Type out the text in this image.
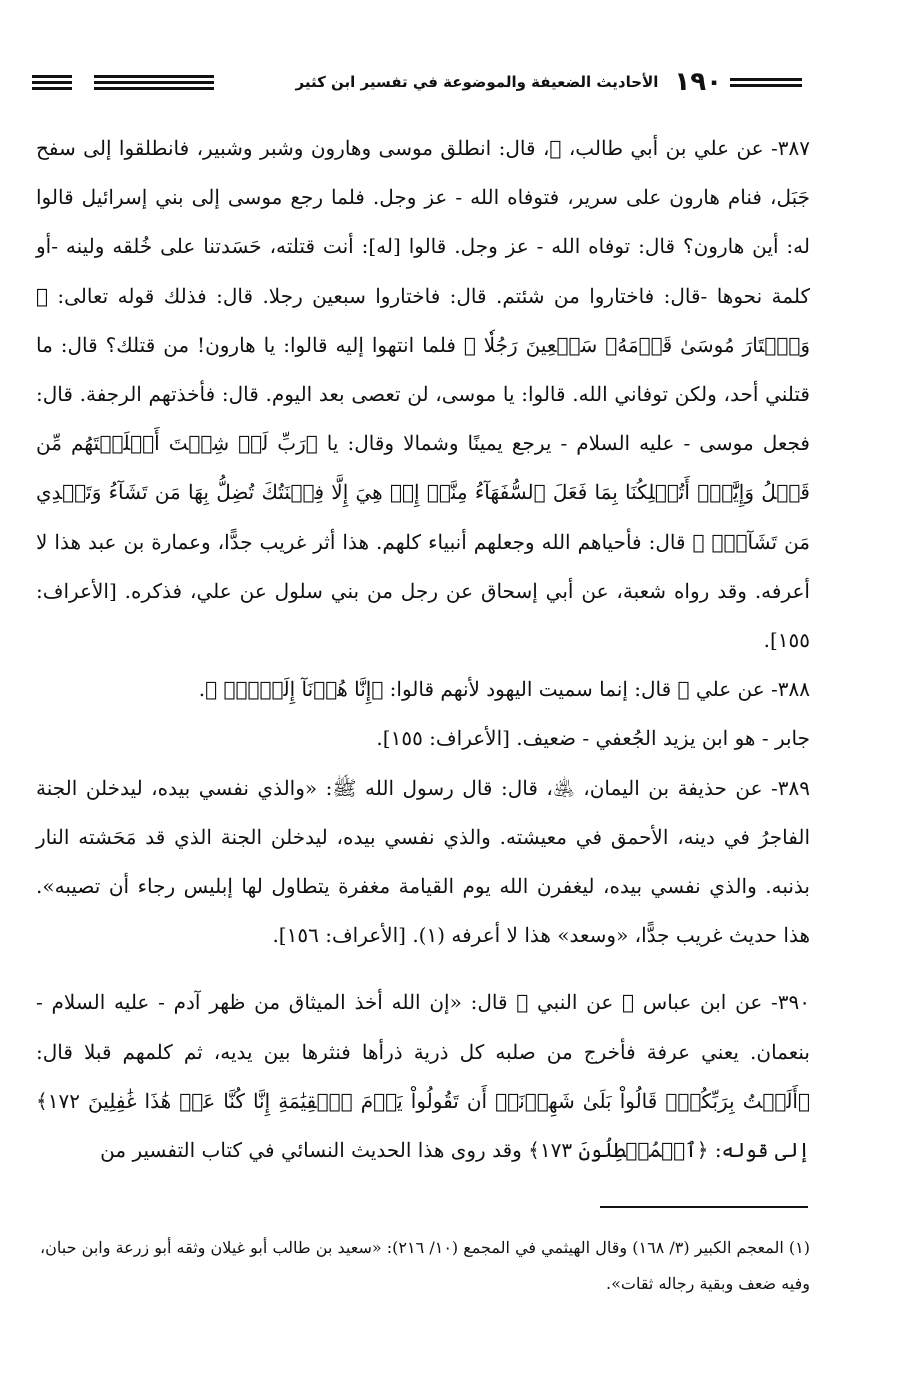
الأحاديث الضعيفة والموضوعة في تفسير ابن كثير ١٩٠

٣٨٧- عن علي بن أبي طالب، ﵁، قال: انطلق موسى وهارون وشبر وشبير، فانطلقوا إلى سفح جَبَل، فنام هارون على سرير، فتوفاه الله - عز وجل. فلما رجع موسى إلى بني إسرائيل قالوا له: أين هارون؟ قال: توفاه الله - عز وجل. قالوا [له]: أنت قتلته، حَسَدتنا على خُلقه ولينه -أو كلمة نحوها -قال: فاختاروا من شئتم. قال: فاختاروا سبعين رجلا. قال: فذلك قوله تعالى: ﴿ وَٱخۡتَارَ مُوسَىٰ قَوۡمَهُۥ سَبۡعِينَ رَجُلٗا ﴾ فلما انتهوا إليه قالوا: يا هارون! من قتلك؟ قال: ما قتلني أحد، ولكن توفاني الله. قالوا: يا موسى، لن تعصى بعد اليوم. قال: فأخذتهم الرجفة. قال: فجعل موسى - عليه السلام - يرجع يمينًا وشمالا وقال: يا ﴿رَبِّ لَوۡ شِئۡتَ أَهۡلَكۡتَهُم مِّن قَبۡلُ وَإِيَّٰيَۖ أَتُهۡلِكُنَا بِمَا فَعَلَ ٱلسُّفَهَآءُ مِنَّآۖ إِنۡ هِيَ إِلَّا فِتۡنَتُكَ تُضِلُّ بِهَا مَن تَشَآءُ وَتَهۡدِي مَن تَشَآءُۖ ﴾ قال: فأحياهم الله وجعلهم أنبياء كلهم. هذا أثر غريب جدًّا، وعمارة بن عبد هذا لا أعرفه. وقد رواه شعبة، عن أبي إسحاق عن رجل من بني سلول عن علي، فذكره. [الأعراف: ١٥٥].

٣٨٨- عن علي ﵁ قال: إنما سميت اليهود لأنهم قالوا: ﴿إِنَّا هُدۡنَآ إِلَيۡكَۚ ﴾.

جابر - هو ابن يزيد الجُعفي - ضعيف. [الأعراف: ١٥٥].

٣٨٩- عن حذيفة بن اليمان، ﵁، قال: قال رسول الله ﷺ: «والذي نفسي بيده، ليدخلن الجنة الفاجرُ في دينه، الأحمق في معيشته. والذي نفسي بيده، ليدخلن الجنة الذي قد مَحَشته النار بذنبه. والذي نفسي بيده، ليغفرن الله يوم القيامة مغفرة يتطاول لها إبليس رجاء أن تصيبه». هذا حديث غريب جدًّا، «وسعد» هذا لا أعرفه (١). [الأعراف: ١٥٦].

٣٩٠- عن ابن عباس ﵄ عن النبي ﷺ قال: «إن الله أخذ الميثاق من ظهر آدم - عليه السلام - بنعمان. يعني عرفة فأخرج من صلبه كل ذرية ذرأها فنثرها بين يديه، ثم كلمهم قبلا قال: ﴿أَلَسۡتُ بِرَبِّكُمۡۖ قَالُواْ بَلَىٰ شَهِدۡنَآۚ أَن تَقُولُواْ يَوۡمَ ٱلۡقِيَٰمَةِ إِنَّا كُنَّا عَنۡ هَٰذَا غَٰفِلِينَ ١٧٢﴾ إلى قوله: ﴿ٱلۡمُبۡطِلُونَ ١٧٣﴾ وقد روى هذا الحديث النسائي في كتاب التفسير من

(١) المعجم الكبير (٣/ ١٦٨) وقال الهيثمي في المجمع (١٠/ ٢١٦): «سعيد بن طالب أبو غيلان وثقه أبو زرعة وابن حبان، وفيه ضعف وبقية رجاله ثقات».
